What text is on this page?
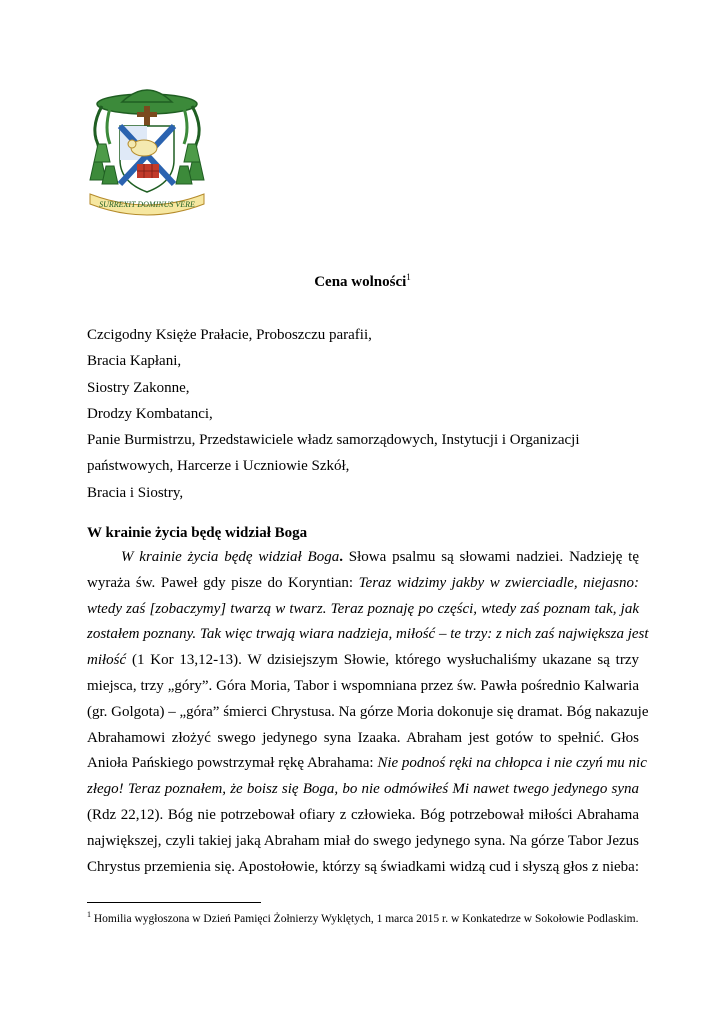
SURREXIT DOMINUS VERE
Cena wolności$^1$
Czcigodny Księże Prałacie, Proboszczu parafii,
Bracia Kapłani,
Siostry Zakonne,
Drodzy Kombatanci,
Panie Burmistrzu, Przedstawiciele władz samorządowych, Instytucji i Organizacji
państwowych, Harcerze i Uczniowie Szkół,
Bracia i Siostry,
W krainie życia będę widział Boga
W krainie życia będę widział Boga. Słowa psalmu są słowami nadziei. Nadzieję tę
wyraża św. Paweł gdy pisze do Koryntian: Teraz widzimy jakby w zwierciadle, niejasno:
wtedy zaś [zobaczymy] twarzą w twarz. Teraz poznaję po części, wtedy zaś poznam tak, jak
zostałem poznany. Tak więc trwają wiara nadzieja, miłość – te trzy: z nich zaś największa jest
miłość (1 Kor 13,12-13). W dzisiejszym Słowie, którego wysłuchaliśmy ukazane są trzy
miejsca, trzy „góry”. Góra Moria, Tabor i wspomniana przez św. Pawła pośrednio Kalwaria
(gr. Golgota) – „góra” śmierci Chrystusa. Na górze Moria dokonuje się dramat. Bóg nakazuje
Abrahamowi złożyć swego jedynego syna Izaaka. Abraham jest gotów to spełnić. Głos
Anioła Pańskiego powstrzymał rękę Abrahama: Nie podnoś ręki na chłopca i nie czyń mu nic
złego! Teraz poznałem, że boisz się Boga, bo nie odmówiłeś Mi nawet twego jedynego syna
(Rdz 22,12). Bóg nie potrzebował ofiary z człowieka. Bóg potrzebował miłości Abrahama
największej, czyli takiej jaką Abraham miał do swego jedynego syna. Na górze Tabor Jezus
Chrystus przemienia się. Apostołowie, którzy są świadkami widzą cud i słyszą głos z nieba:
$^1$ Homilia wygłoszona w Dzień Pamięci Żołnierzy Wyklętych, 1 marca 2015 r. w Konkatedrze w Sokołowie Podlaskim.
